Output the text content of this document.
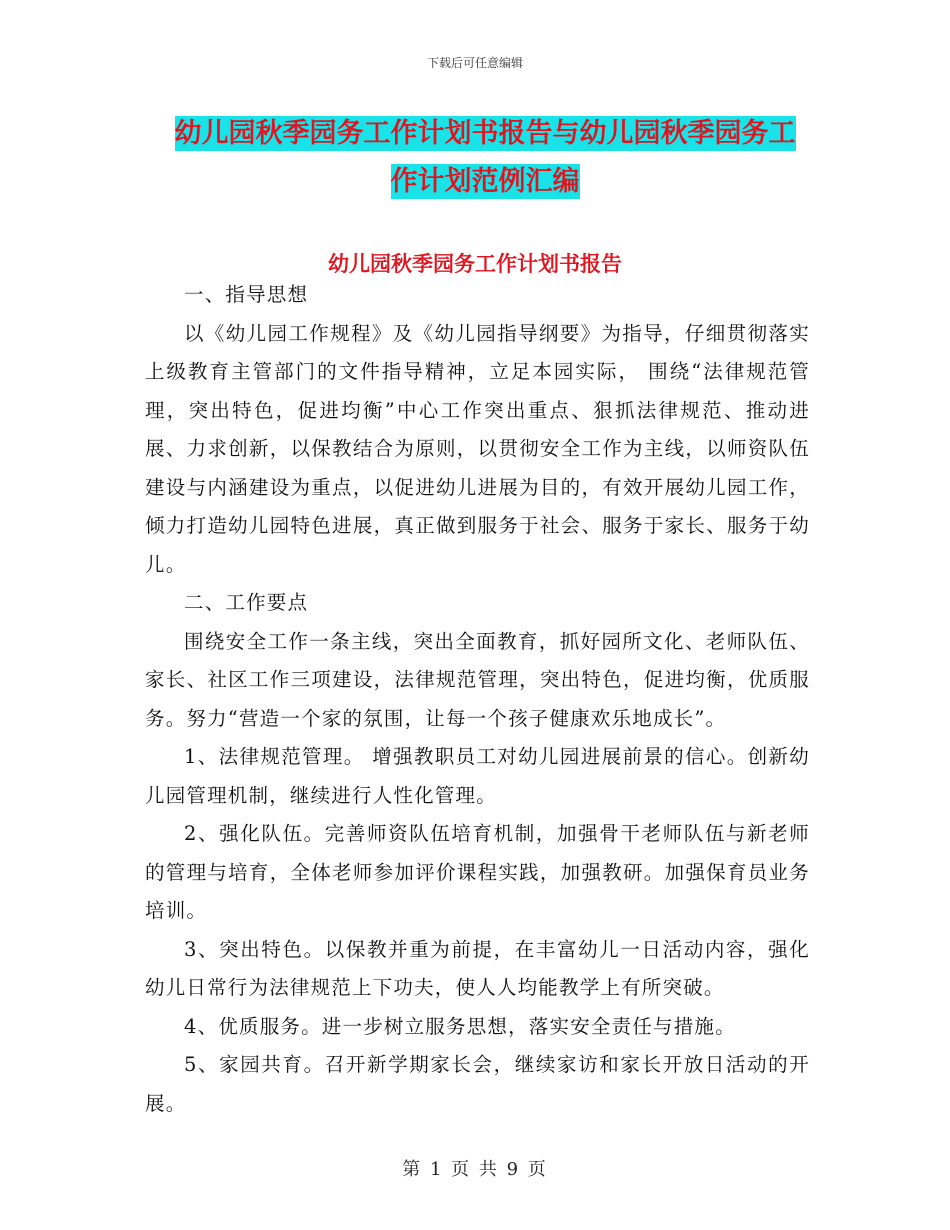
下载后可任意编辑
幼儿园秋季园务工作计划书报告与幼儿园秋季园务工
作计划范例汇编
幼儿园秋季园务工作计划书报告

一、指导思想

以《幼儿园工作规程》及《幼儿园指导纲要》为指导，仔细贯彻落实上级教育主管部门的文件指导精神，立足本园实际， 围绕“法律规范管理，突出特色，促进均衡”中心工作突出重点、狠抓法律规范、推动进展、力求创新，以保教结合为原则，以贯彻安全工作为主线，以师资队伍建设与内涵建设为重点，以促进幼儿进展为目的，有效开展幼儿园工作，倾力打造幼儿园特色进展，真正做到服务于社会、服务于家长、服务于幼儿。

二、工作要点

围绕安全工作一条主线，突出全面教育，抓好园所文化、老师队伍、家长、社区工作三项建设，法律规范管理，突出特色，促进均衡，优质服务。努力“营造一个家的氛围，让每一个孩子健康欢乐地成长”。

1、法律规范管理。 增强教职员工对幼儿园进展前景的信心。创新幼儿园管理机制，继续进行人性化管理。

2、强化队伍。完善师资队伍培育机制，加强骨干老师队伍与新老师的管理与培育，全体老师参加评价课程实践，加强教研。加强保育员业务培训。

3、突出特色。以保教并重为前提，在丰富幼儿一日活动内容，强化幼儿日常行为法律规范上下功夫，使人人均能教学上有所突破。

4、优质服务。进一步树立服务思想，落实安全责任与措施。

5、家园共育。召开新学期家长会，继续家访和家长开放日活动的开展。

第 1 页 共 9 页
